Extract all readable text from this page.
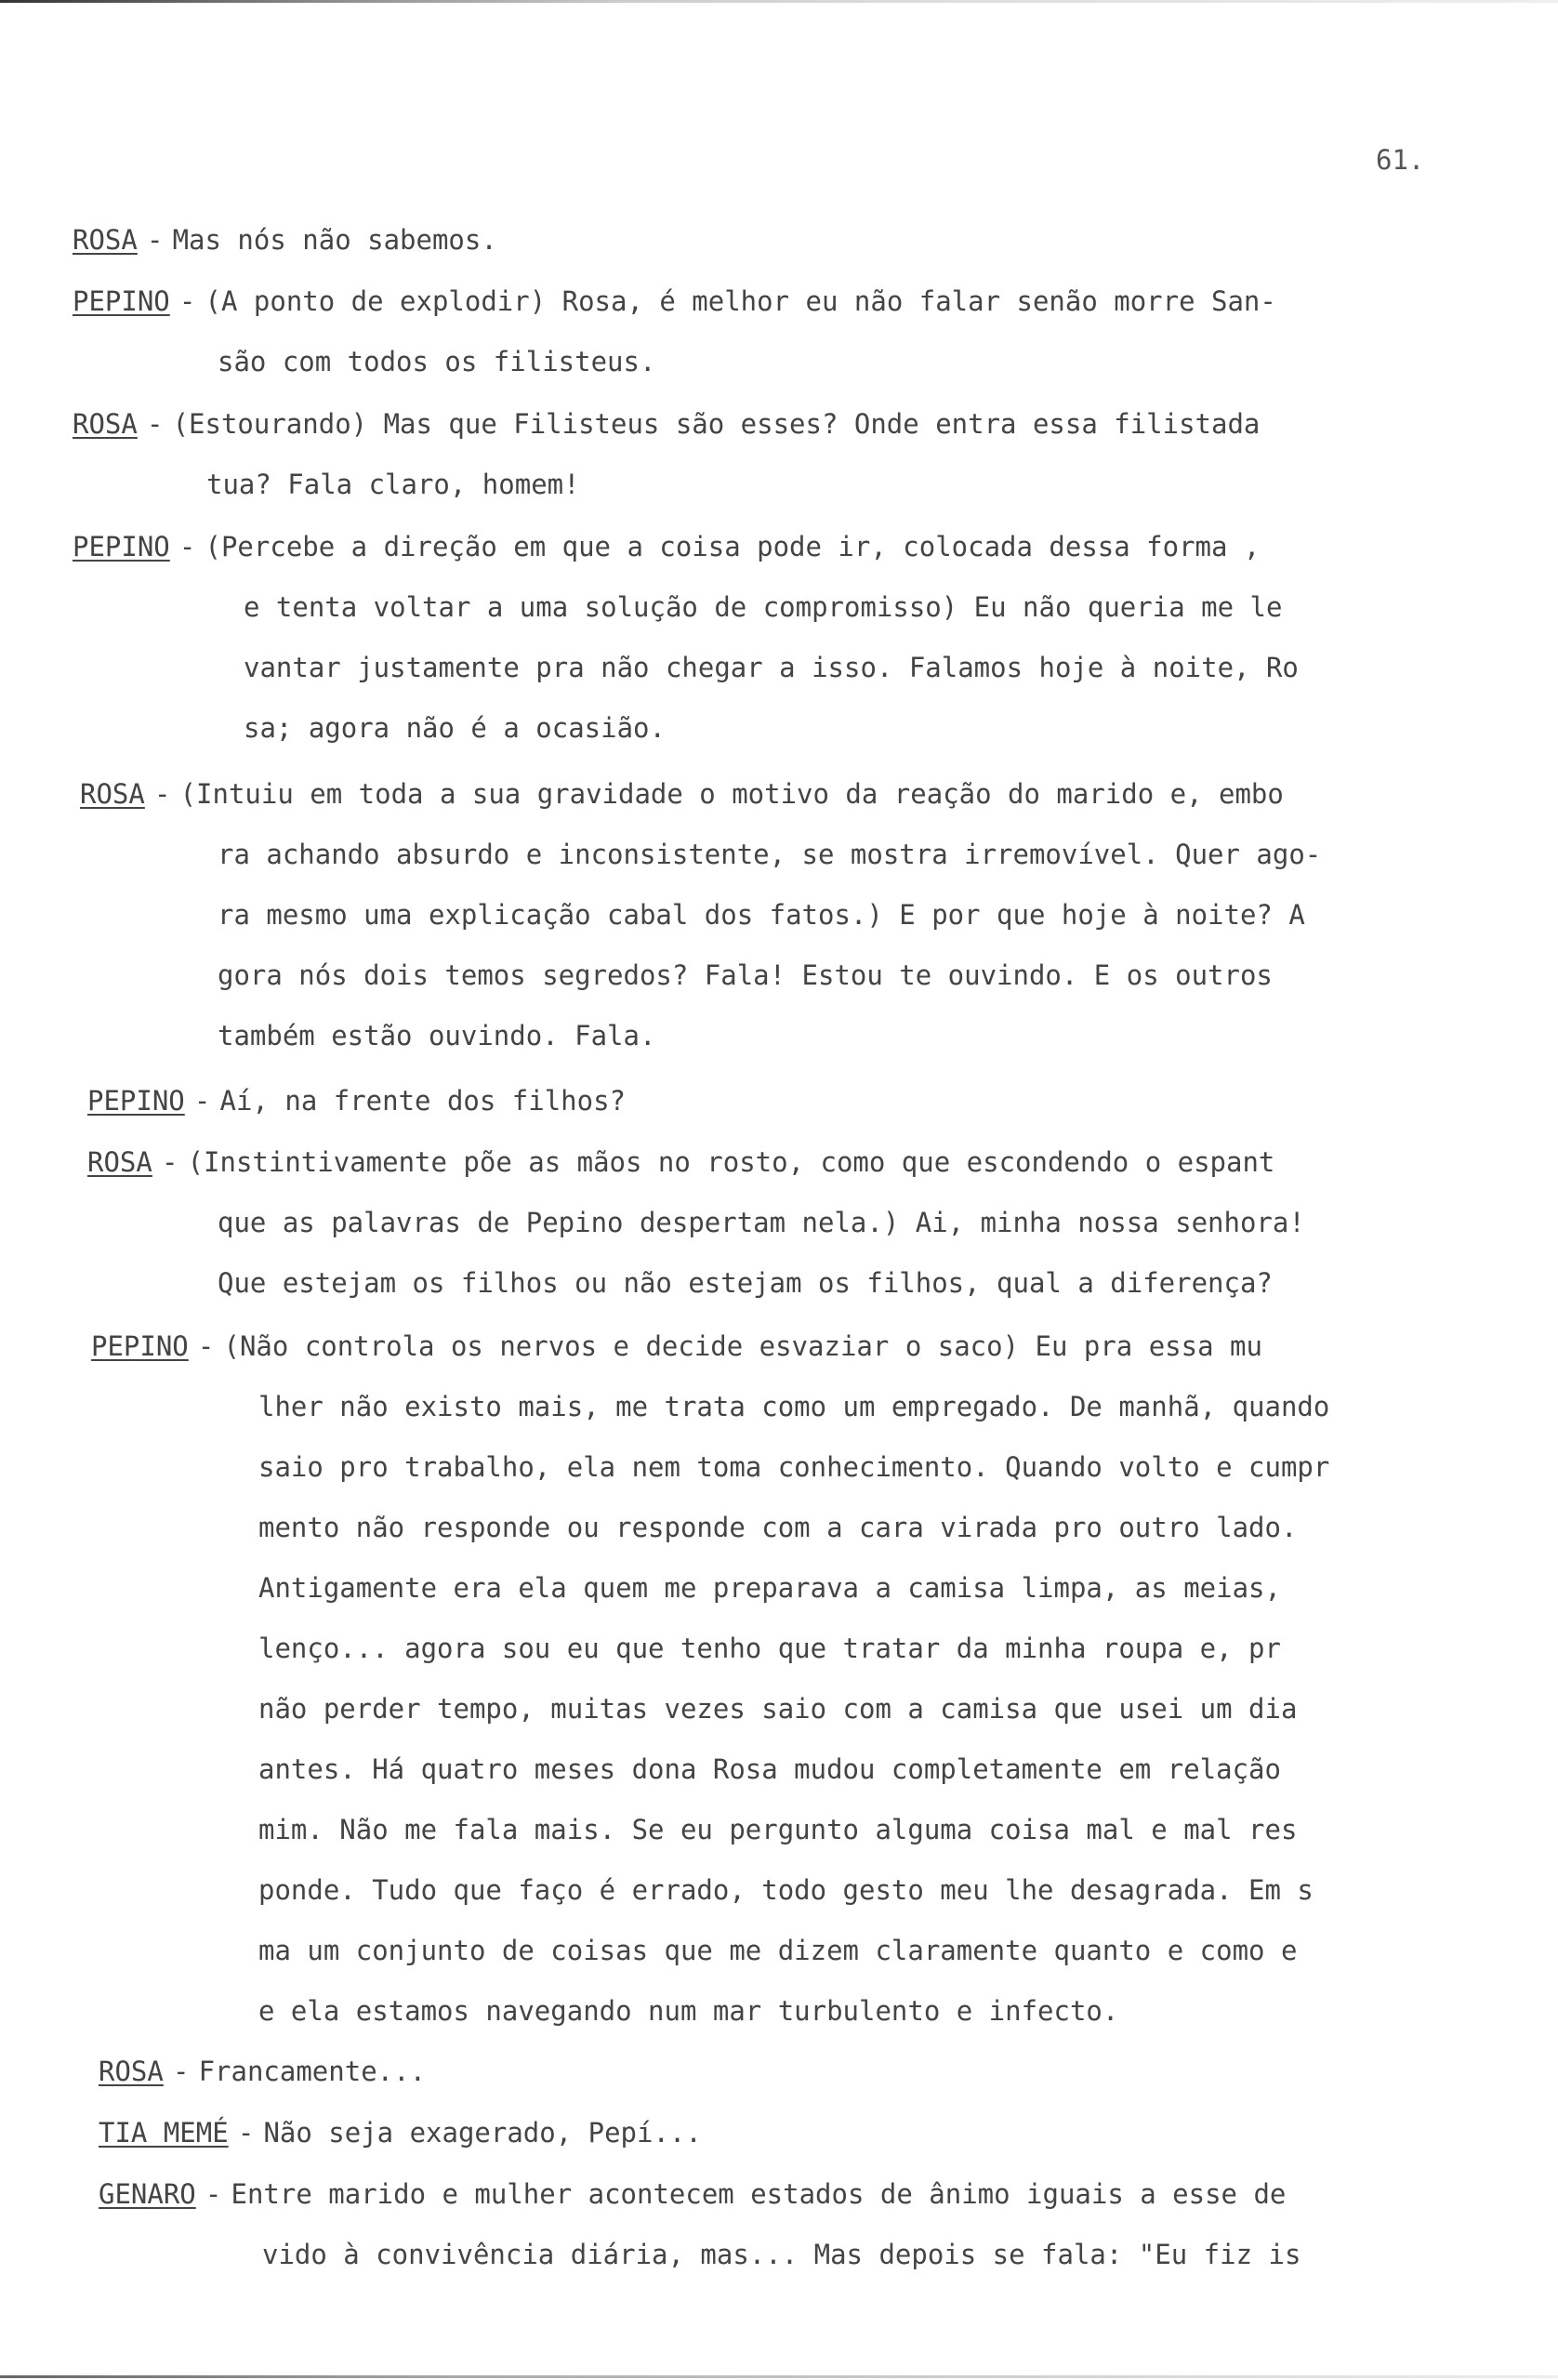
61.
ROSA - Mas nós não sabemos.
PEPINO - (A ponto de explodir) Rosa, é melhor eu não falar senão morre San-
são com todos os filisteus.
ROSA - (Estourando) Mas que Filisteus são esses? Onde entra essa filistada
tua? Fala claro, homem!
PEPINO - (Percebe a direção em que a coisa pode ir, colocada dessa forma ,
e tenta voltar a uma solução de compromisso) Eu não queria me le
vantar justamente pra não chegar a isso. Falamos hoje à noite, Ro
sa; agora não é a ocasião.
ROSA - (Intuiu em toda a sua gravidade o motivo da reação do marido e, embo
ra achando absurdo e inconsistente, se mostra irremovível. Quer ago-
ra mesmo uma explicação cabal dos fatos.) E por que hoje à noite? A
gora nós dois temos segredos? Fala! Estou te ouvindo. E os outros
também estão ouvindo. Fala.
PEPINO - Aí, na frente dos filhos?
ROSA - (Instintivamente põe as mãos no rosto, como que escondendo o espant
que as palavras de Pepino despertam nela.) Ai, minha nossa senhora!
Que estejam os filhos ou não estejam os filhos, qual a diferença?
PEPINO - (Não controla os nervos e decide esvaziar o saco) Eu pra essa mu
lher não existo mais, me trata como um empregado. De manhã, quando
saio pro trabalho, ela nem toma conhecimento. Quando volto e cumpr
mento não responde ou responde com a cara virada pro outro lado.
Antigamente era ela quem me preparava a camisa limpa, as meias,
lenço... agora sou eu que tenho que tratar da minha roupa e, pr
não perder tempo, muitas vezes saio com a camisa que usei um dia
antes. Há quatro meses dona Rosa mudou completamente em relação
mim. Não me fala mais. Se eu pergunto alguma coisa mal e mal res
ponde. Tudo que faço é errado, todo gesto meu lhe desagrada. Em s
ma um conjunto de coisas que me dizem claramente quanto e como e
e ela estamos navegando num mar turbulento e infecto.
ROSA - Francamente...
TIA MEMÉ - Não seja exagerado, Pepí...
GENARO - Entre marido e mulher acontecem estados de ânimo iguais a esse de
vido à convivência diária, mas... Mas depois se fala: "Eu fiz is
